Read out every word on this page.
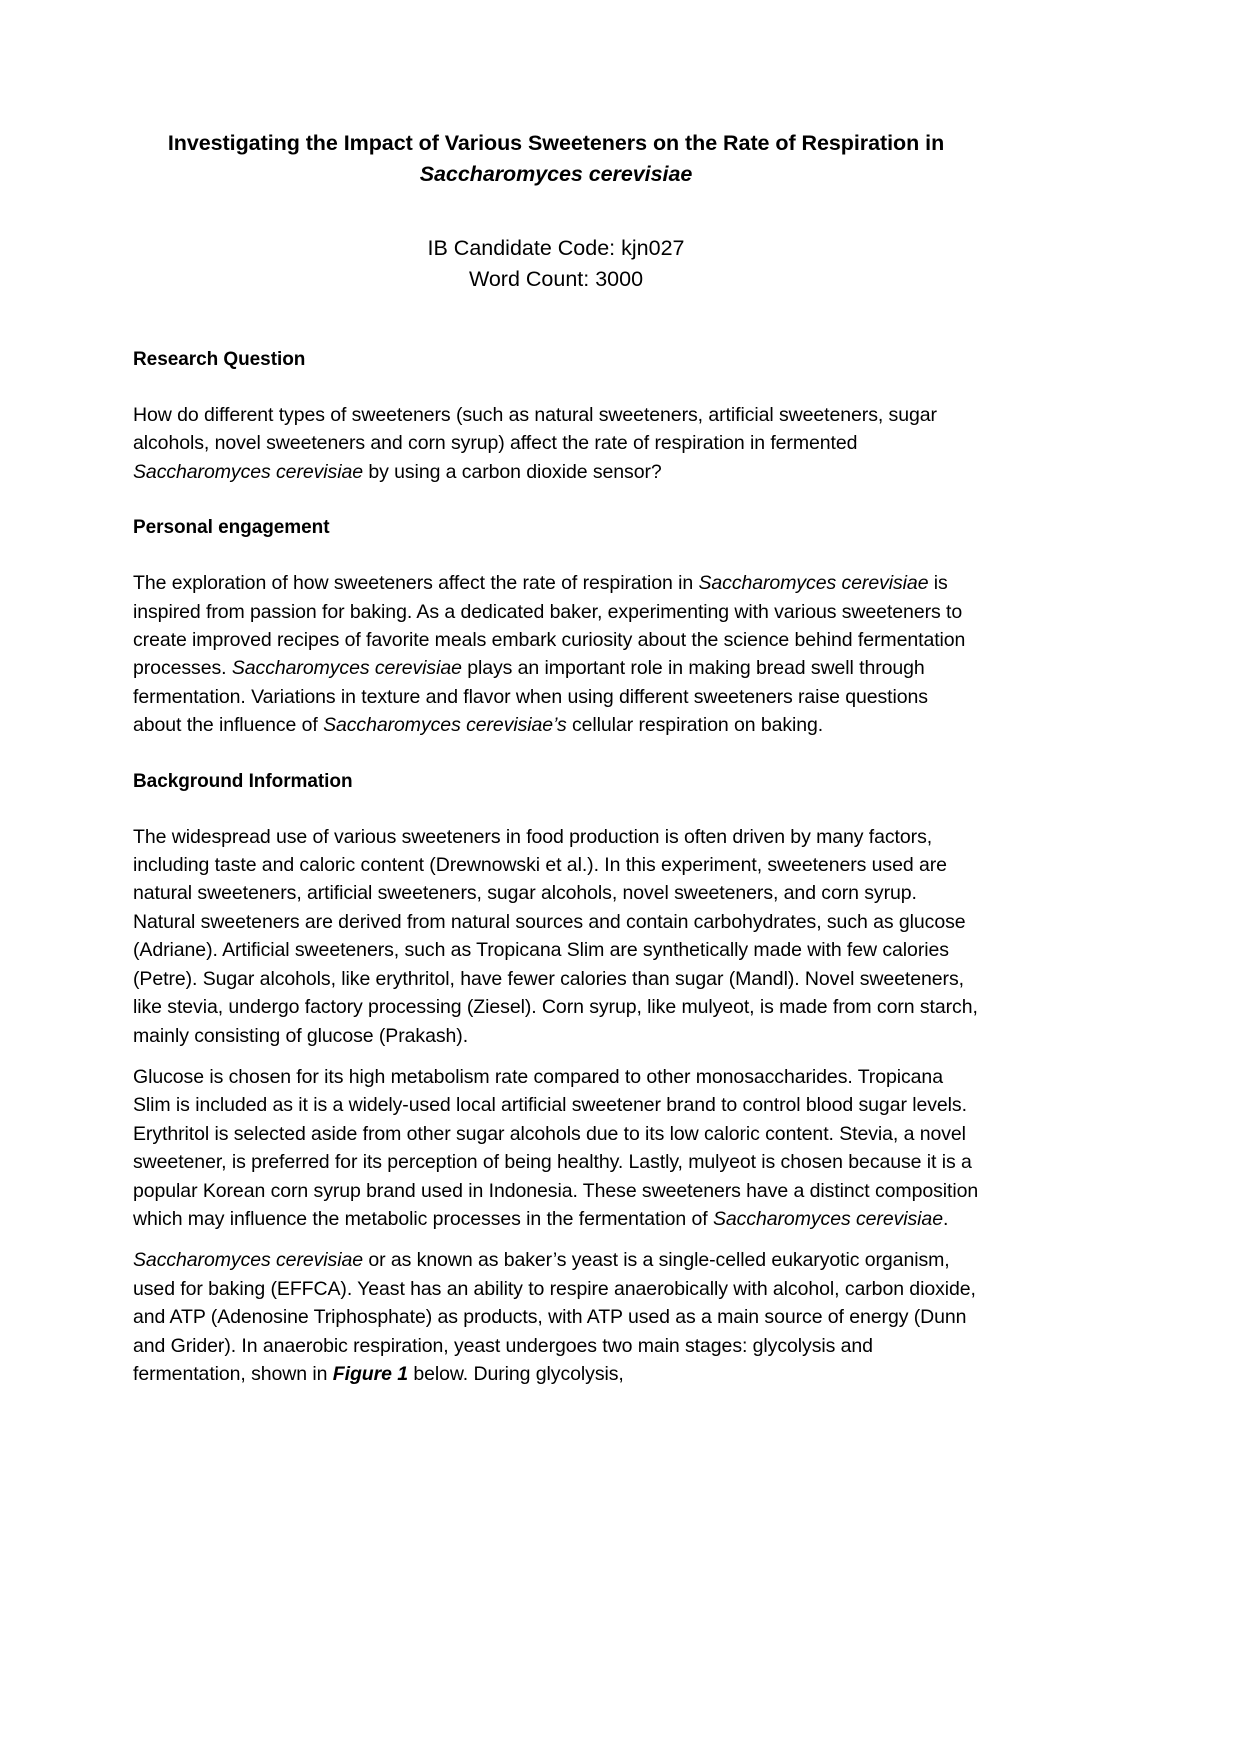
Investigating the Impact of Various Sweeteners on the Rate of Respiration in
Saccharomyces cerevisiae

IB Candidate Code: kjn027

Word Count: 3000

Research Question

How do different types of sweeteners (such as natural sweeteners, artificial sweeteners, sugar alcohols, novel sweeteners and corn syrup) affect the rate of respiration in fermented Saccharomyces cerevisiae by using a carbon dioxide sensor?

Personal engagement

The exploration of how sweeteners affect the rate of respiration in Saccharomyces cerevisiae is inspired from passion for baking. As a dedicated baker, experimenting with various sweeteners to create improved recipes of favorite meals embark curiosity about the science behind fermentation processes. Saccharomyces cerevisiae plays an important role in making bread swell through fermentation. Variations in texture and flavor when using different sweeteners raise questions about the influence of Saccharomyces cerevisiae’s cellular respiration on baking.

Background Information

The widespread use of various sweeteners in food production is often driven by many factors, including taste and caloric content (Drewnowski et al.). In this experiment, sweeteners used are natural sweeteners, artificial sweeteners, sugar alcohols, novel sweeteners, and corn syrup. Natural sweeteners are derived from natural sources and contain carbohydrates, such as glucose (Adriane). Artificial sweeteners, such as Tropicana Slim are synthetically made with few calories (Petre). Sugar alcohols, like erythritol, have fewer calories than sugar (Mandl). Novel sweeteners, like stevia, undergo factory processing (Ziesel). Corn syrup, like mulyeot, is made from corn starch, mainly consisting of glucose (Prakash).

Glucose is chosen for its high metabolism rate compared to other monosaccharides. Tropicana Slim is included as it is a widely-used local artificial sweetener brand to control blood sugar levels. Erythritol is selected aside from other sugar alcohols due to its low caloric content. Stevia, a novel sweetener, is preferred for its perception of being healthy. Lastly, mulyeot is chosen because it is a popular Korean corn syrup brand used in Indonesia. These sweeteners have a distinct composition which may influence the metabolic processes in the fermentation of Saccharomyces cerevisiae.

Saccharomyces cerevisiae or as known as baker’s yeast is a single-celled eukaryotic organism, used for baking (EFFCA). Yeast has an ability to respire anaerobically with alcohol, carbon dioxide, and ATP (Adenosine Triphosphate) as products, with ATP used as a main source of energy (Dunn and Grider). In anaerobic respiration, yeast undergoes two main stages: glycolysis and fermentation, shown in Figure 1 below. During glycolysis,
